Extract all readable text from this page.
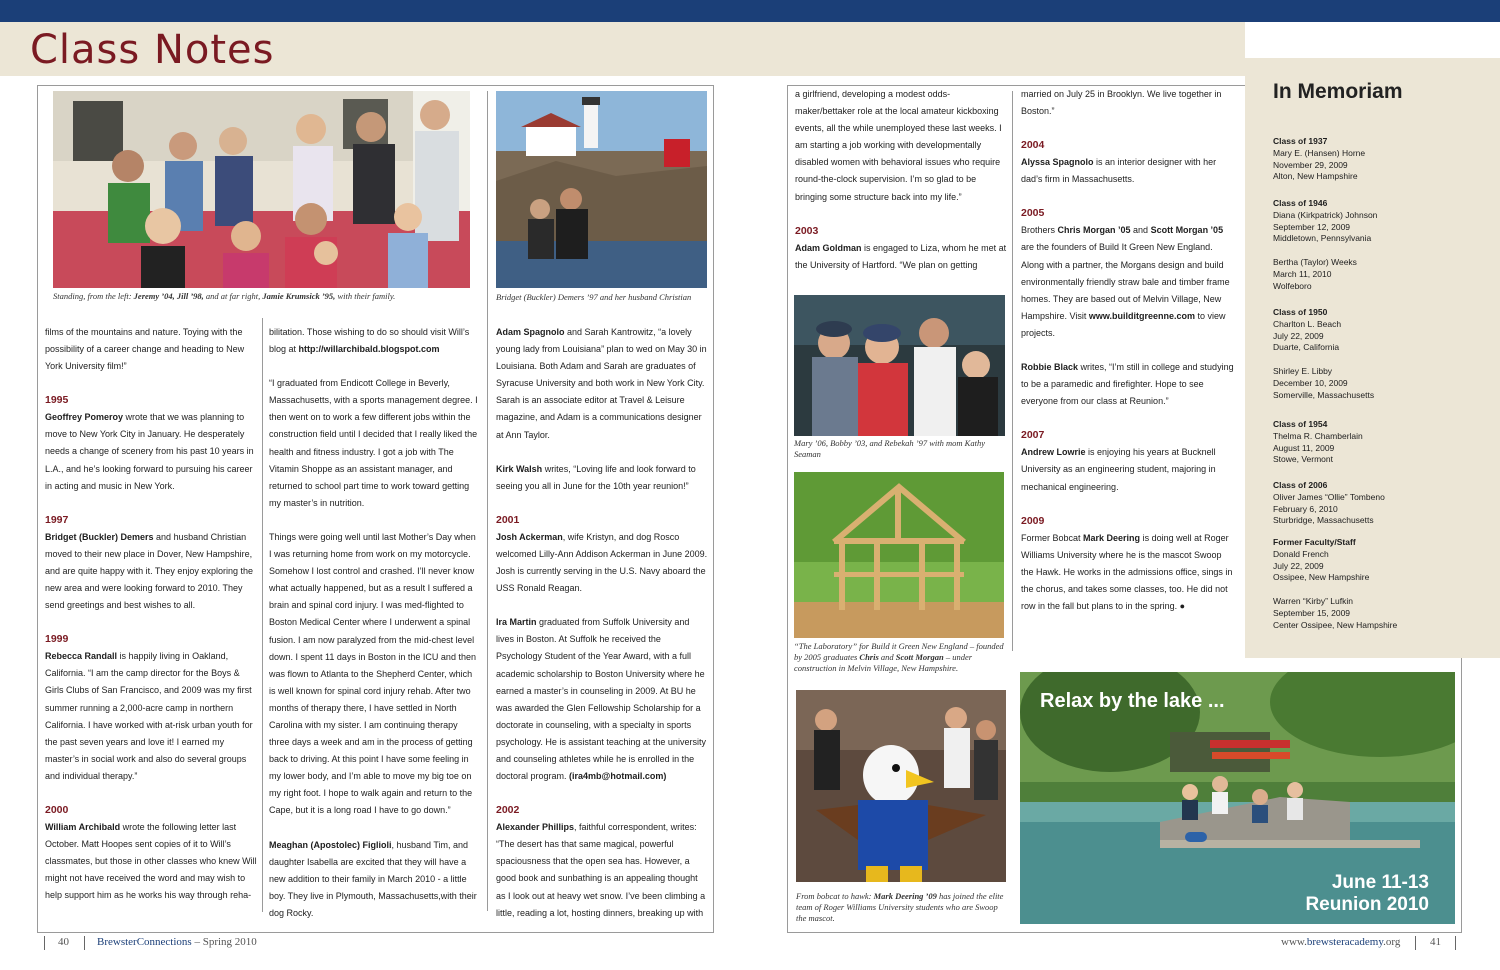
Class Notes
Standing, from the left: Jeremy ’04, Jill ’98, and at far right, Jamie Krumsick ’95, with their family.	Bridget (Buckler) Demers ’97 and her husband Christian

films of the mountains and nature. Toying with the possibility of a career change and heading to New York University film!”

1995
Geoffrey Pomeroy wrote that we was planning to move to New York City in January. He desperately needs a change of scenery from his past 10 years in L.A., and he’s looking forward to pursuing his career in acting and music in New York.

1997
Bridget (Buckler) Demers and husband Christian moved to their new place in Dover, New Hampshire, and are quite happy with it. They enjoy exploring the new area and were looking forward to 2010. They send greetings and best wishes to all.

1999
Rebecca Randall is happily living in Oakland, California. “I am the camp director for the Boys & Girls Clubs of San Francisco, and 2009 was my first summer running a 2,000-acre camp in northern California. I have worked with at-risk urban youth for the past seven years and love it! I earned my master’s in social work and also do several groups and individual therapy.”

2000
William Archibald wrote the following letter last October. Matt Hoopes sent copies of it to Will’s classmates, but those in other classes who knew Will might not have received the word and may wish to help support him as he works his way through reha-

bilitation. Those wishing to do so should visit Will’s blog at http://willarchibald.blogspot.com

“I graduated from Endicott College in Beverly, Massachusetts, with a sports management degree. I then went on to work a few different jobs within the construction field until I decided that I really liked the health and fitness industry. I got a job with The Vitamin Shoppe as an assistant manager, and returned to school part time to work toward getting my master’s in nutrition.

Things were going well until last Mother’s Day when I was returning home from work on my motorcycle. Somehow I lost control and crashed. I’ll never know what actually happened, but as a result I suffered a brain and spinal cord injury. I was med-flighted to Boston Medical Center where I underwent a spinal fusion. I am now paralyzed from the mid-chest level down. I spent 11 days in Boston in the ICU and then was flown to Atlanta to the Shepherd Center, which is well known for spinal cord injury rehab. After two months of therapy there, I have settled in North Carolina with my sister. I am continuing therapy three days a week and am in the process of getting back to driving. At this point I have some feeling in my lower body, and I’m able to move my big toe on my right foot. I hope to walk again and return to the Cape, but it is a long road I have to go down.”

Meaghan (Apostolec) Figlioli, husband Tim, and daughter Isabella are excited that they will have a new addition to their family in March 2010 - a little boy. They live in Plymouth, Massachusetts,with their dog Rocky.

Adam Spagnolo and Sarah Kantrowitz, “a lovely young lady from Louisiana” plan to wed on May 30 in Louisiana. Both Adam and Sarah are graduates of Syracuse University and both work in New York City. Sarah is an associate editor at Travel & Leisure magazine, and Adam is a communications designer at Ann Taylor.

Kirk Walsh writes, “Loving life and look forward to seeing you all in June for the 10th year reunion!”

2001
Josh Ackerman, wife Kristyn, and dog Rosco welcomed Lilly-Ann Addison Ackerman in June 2009. Josh is currently serving in the U.S. Navy aboard the USS Ronald Reagan.

Ira Martin graduated from Suffolk University and lives in Boston. At Suffolk he received the Psychology Student of the Year Award, with a full academic scholarship to Boston University where he earned a master’s in counseling in 2009. At BU he was awarded the Glen Fellowship Scholarship for a doctorate in counseling, with a specialty in sports psychology. He is assistant teaching at the university and counseling athletes while he is enrolled in the doctoral program. (ira4mb@hotmail.com)

2002
Alexander Phillips, faithful correspondent, writes: “The desert has that same magical, powerful spaciousness that the open sea has. However, a good book and sunbathing is an appealing thought as I look out at heavy wet snow. I’ve been climbing a little, reading a lot, hosting dinners, breaking up with

a girlfriend, developing a modest odds-maker/bettaker role at the local amateur kickboxing events, all the while unemployed these last weeks. I am starting a job working with developmentally disabled women with behavioral issues who require round-the-clock supervision. I’m so glad to be bringing some structure back into my life.”

2003
Adam Goldman is engaged to Liza, whom he met at the University of Hartford. “We plan on getting

Mary ’06, Bobby ’03, and Rebekah ’97 with mom Kathy Seaman
“The Laboratory” for Build it Green New England – founded by 2005 graduates Chris and Scott Morgan – under construction in Melvin Village, New Hampshire.
From bobcat to hawk: Mark Deering ’09 has joined the elite team of Roger Williams University students who are Swoop the mascot.

married on July 25 in Brooklyn. We live together in Boston.”

2004
Alyssa Spagnolo is an interior designer with her dad’s firm in Massachusetts.

2005
Brothers Chris Morgan ’05 and Scott Morgan ’05 are the founders of Build It Green New England. Along with a partner, the Morgans design and build environmentally friendly straw bale and timber frame homes. They are based out of Melvin Village, New Hampshire. Visit www.builditgreenne.com to view projects.

Robbie Black writes, “I’m still in college and studying to be a paramedic and firefighter. Hope to see everyone from our class at Reunion.”

2007
Andrew Lowrie is enjoying his years at Bucknell University as an engineering student, majoring in mechanical engineering.

2009
Former Bobcat Mark Deering is doing well at Roger Williams University where he is the mascot Swoop the Hawk. He works in the admissions office, sings in the chorus, and takes some classes, too. He did not row in the fall but plans to in the spring. ●

In Memoriam
Class of 1937
Mary E. (Hansen) Horne
November 29, 2009
Alton, New Hampshire
Class of 1946
Diana (Kirkpatrick) Johnson
September 12, 2009
Middletown, Pennsylvania
Bertha (Taylor) Weeks
March 11, 2010
Wolfeboro
Class of 1950
Charlton L. Beach
July 22, 2009
Duarte, California
Shirley E. Libby
December 10, 2009
Somerville, Massachusetts
Class of 1954
Thelma R. Chamberlain
August 11, 2009
Stowe, Vermont
Class of 2006
Oliver James “Ollie” Tombeno
February 6, 2010
Sturbridge, Massachusetts
Former Faculty/Staff
Donald French
July 22, 2009
Ossipee, New Hampshire
Warren “Kirby” Lufkin
September 15, 2009
Center Ossipee, New Hampshire
Relax by the lake ...
June 11-13
Reunion 2010
40	BrewsterConnections – Spring 2010	www.brewsteracademy.org	41
